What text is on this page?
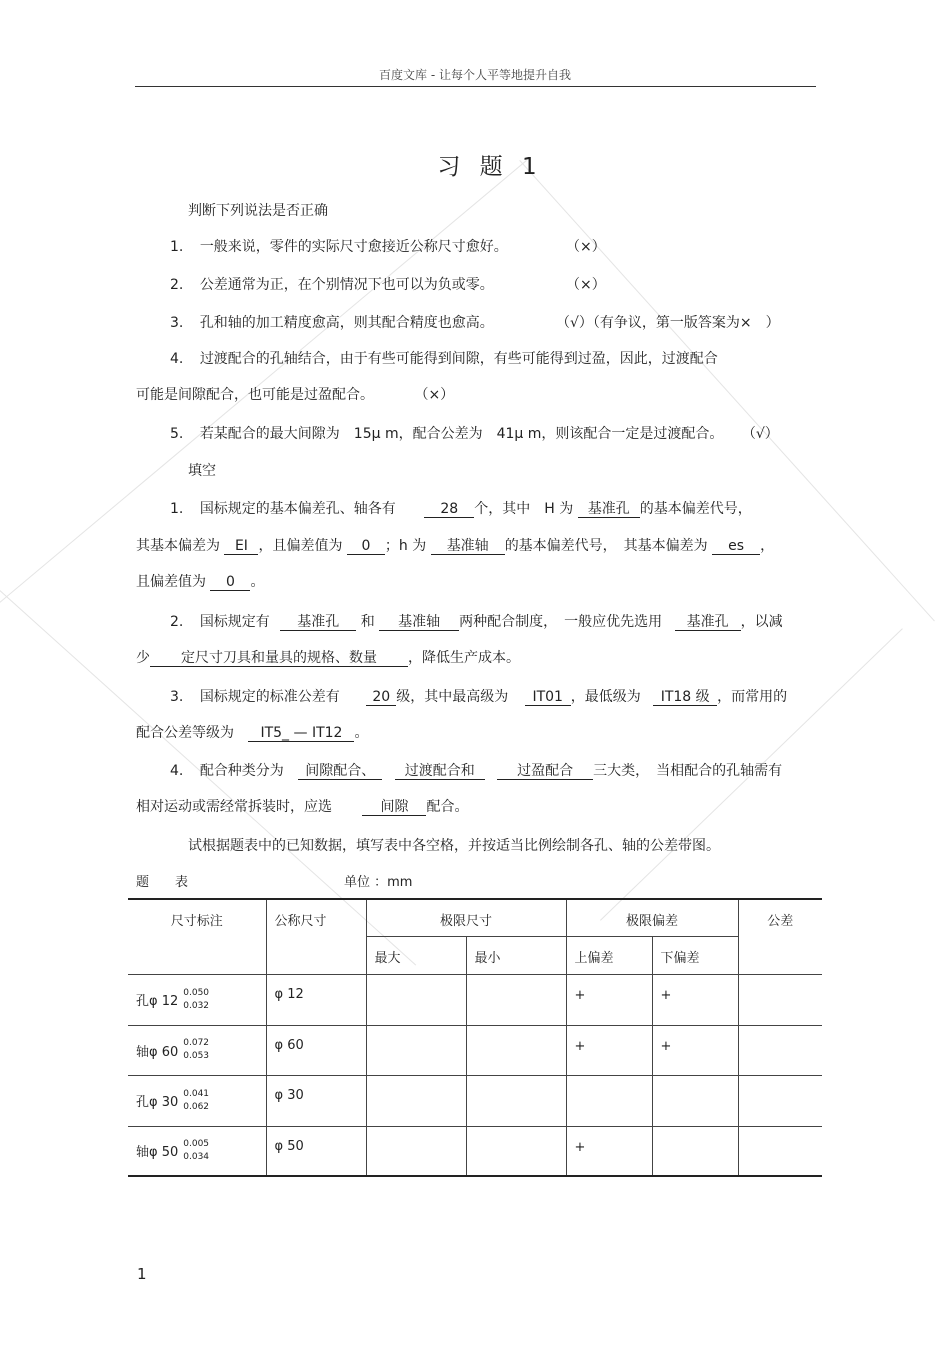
百度文库 - 让每个人平等地提升自我
习 题 1
判断下列说法是否正确
1. 一般来说，零件的实际尺寸愈接近公称尺寸愈好。	（×）
2. 公差通常为正，在个别情况下也可以为负或零。	（×）
3. 孔和轴的加工精度愈高，则其配合精度也愈高。	（√）（有争议，第一版答案为×　）
4. 过渡配合的孔轴结合，由于有些可能得到间隙，有些可能得到过盈，因此，过渡配合
可能是间隙配合，也可能是过盈配合。	（×）
5. 若某配合的最大间隙为　15μ m，配合公差为　41μ m，则该配合一定是过渡配合。 （√）
填空
1. 国标规定的基本偏差孔、轴各有	28 个，其中　H 为 基准孔 的基本偏差代号，
其基本偏差为 EI ，且偏差值为 0 ；h 为 基准轴 的基本偏差代号，　其基本偏差为 es ，
且偏差值为 0 。
2. 国标规定有 基准孔 和 基准轴 两种配合制度，　一般应优先选用 基准孔 ，以减
少 定尺寸刀具和量具的规格、数量 ，降低生产成本。
3. 国标规定的标准公差有 20 级，其中最高级为 IT01 ，最低级为 IT18 级 ，而常用的
配合公差等级为 IT5_ — IT12 。
4. 配合种类分为 间隙配合、 过渡配合和	过盈配合 三大类，　当相配合的孔轴需有
相对运动或需经常拆装时，应选	间隙 配合。
试根据题表中的已知数据，填写表中各空格，并按适当比例绘制各孔、轴的公差带图。
题　　表	单位 ：mm
尺寸标注	公称尺寸	极限尺寸		极限偏差		公差
		最大	最小	上偏差	下偏差	
孔φ 120.050
0.032	φ 12			+	+	
轴φ 600.072
0.053	φ 60			+	+	
孔φ 300.041
0.062	φ 30					
轴φ 500.005
0.034	φ 50			+		
1
